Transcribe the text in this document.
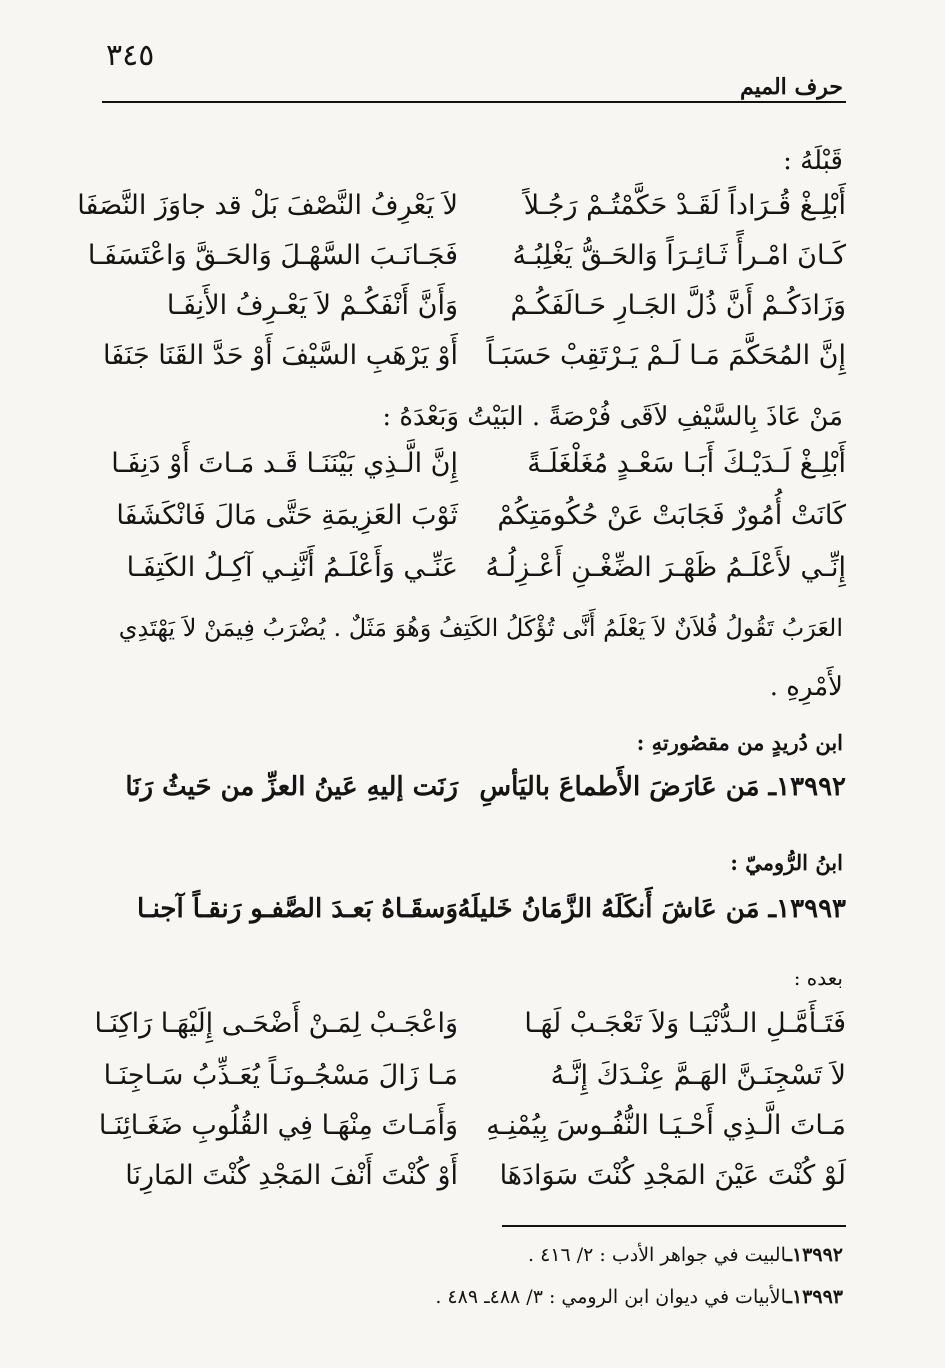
٣٤٥
حرف الميم
قَبْلَهُ :
أَبْلِـغْ قُـرَاداً لَقَـدْ حَكَّمْتُـمْ رَجُـلاً
لاَ يَعْرِفُ النَّصْفَ بَلْ قد جاوَزَ النَّصَفَا
كَـانَ امْـرأً ثَـائِـرَاً وَالحَـقُّ يَغْلِبُـهُ
فَجَـانَـبَ السَّهْـلَ وَالحَـقَّ وَاعْتَسَفَـا
وَزَادَكُـمْ أَنَّ ذُلَّ الجَـارِ حَـالَفَكُـمْ
وَأَنَّ أَنْفَكُـمْ لاَ يَعْـرِفُ الأَنِفَـا
إِنَّ المُحَكَّمَ مَـا لَـمْ يَـرْتَقِبْ حَسَبَـاً
أَوْ يَرْهَبِ السَّيْفَ أَوْ حَدَّ القَنَا جَنَفَا
مَنْ عَاذَ بِالسَّيْفِ لاَقَى فُرْصَةً . البَيْتُ وَبَعْدَهُ :
أَبْلِـغْ لَـدَيْـكَ أَبَـا سَعْـدٍ مُغَلْغَلَـةً
إِنَّ الَّـذِي بَيْنَنَـا قَـد مَـاتَ أَوْ دَنِفَـا
كَانَتْ أُمُورٌ فَجَابَتْ عَنْ حُكُومَتِكُمْ
ثَوْبَ العَزِيمَةِ حَتَّى مَالَ فَانْكَشَفَا
إِنِّـي لأَعْلَـمُ ظَهْـرَ الضِّغْـنِ أَعْـزِلُـهُ
عَنِّـي وَأَعْلَـمُ أَنَّنِـي آكِـلُ الكَتِفَـا
العَرَبُ تَقُولُ فُلاَنٌ لاَ يَعْلَمُ أَنَّى تُؤْكَلُ الكَتِفُ وَهُوَ مَثَلٌ . يُضْرَبُ فِيمَنْ لاَ يَهْتَدِي
لأَمْرِهِ .
ابن دُريدٍ من مقصُورتهِ :
١٣٩٩٢ـ مَن عَارَضَ الأَطماعَ باليَأسِ
رَنَت إليهِ عَينُ العزِّ من حَيثُ رَنَا
ابنُ الرُّوميّ :
١٣٩٩٣ـ مَن عَاشَ أَنكَلَهُ الزَّمَانُ خَليلَهُ
وَسقَـاهُ بَعـدَ الصَّفـو رَنقـاً آجنـا
بعده :
فَتَـأَمَّـلِ الـدُّنْيَـا وَلاَ تَعْجَـبْ لَهَـا
وَاعْجَـبْ لِمَـنْ أَضْحَـى إِلَيْهَـا رَاكِنَـا
لاَ تَسْجِنَـنَّ الهَـمَّ عِنْـدَكَ إِنَّـهُ
مَـا زَالَ مَسْجُـونَـاً يُعَـذِّبُ سَـاجِنَـا
مَـاتَ الَّـذِي أَحْـيَـا النُّفُـوسَ بِيُمْنِـهِ
وَأَمَـاتَ مِنْهَـا فِي القُلُوبِ ضَغَـائِنَـا
لَوْ كُنْتَ عَيْنَ المَجْدِ كُنْتَ سَوَادَهَا
أَوْ كُنْتَ أَنْفَ المَجْدِ كُنْتَ المَارِنَا
١٣٩٩٢ـالبيت في جواهر الأدب : ٢/ ٤١٦ .
١٣٩٩٣ـالأبيات في ديوان ابن الرومي : ٣/ ٤٨٨ـ ٤٨٩ .
